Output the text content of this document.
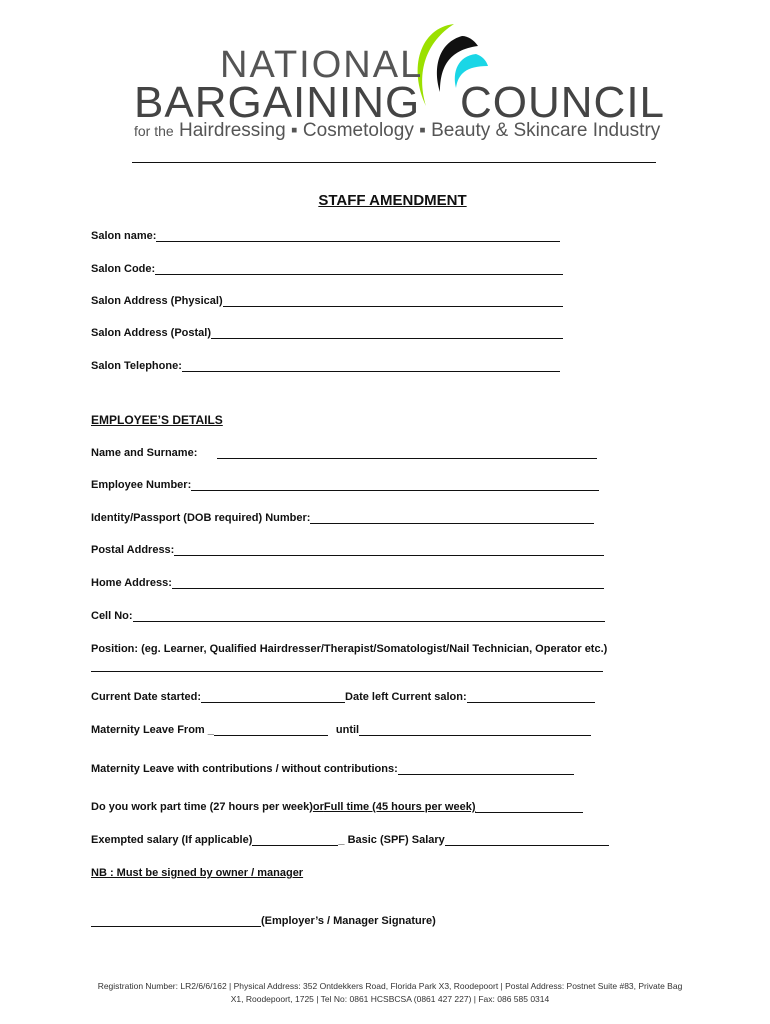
NATIONAL
BARGAINING COUNCIL
for the Hairdressing ▪ Cosmetology ▪ Beauty & Skincare Industry
STAFF AMENDMENT
Salon name:
Salon Code:
Salon Address (Physical)
Salon Address (Postal)
Salon Telephone:
EMPLOYEE’S DETAILS
Name and Surname:
Employee Number:
Identity/Passport (DOB required) Number:
Postal Address:
Home Address:
Cell No:
Position: (eg. Learner, Qualified Hairdresser/Therapist/Somatologist/Nail Technician, Operator etc.)
Current Date started:	Date left Current salon:
Maternity Leave From _	until
Maternity Leave with contributions / without contributions:
Do you work part time (27 hours per week) or Full time (45 hours per week)
Exempted salary (If applicable)	_ Basic (SPF) Salary
NB : Must be signed by owner / manager
(Employer’s / Manager Signature)
Registration Number: LR2/6/6/162 | Physical Address: 352 Ontdekkers Road, Florida Park X3, Roodepoort | Postal Address: Postnet Suite #83, Private Bag
X1, Roodepoort, 1725 | Tel No: 0861 HCSBCSA (0861 427 227) | Fax: 086 585 0314
